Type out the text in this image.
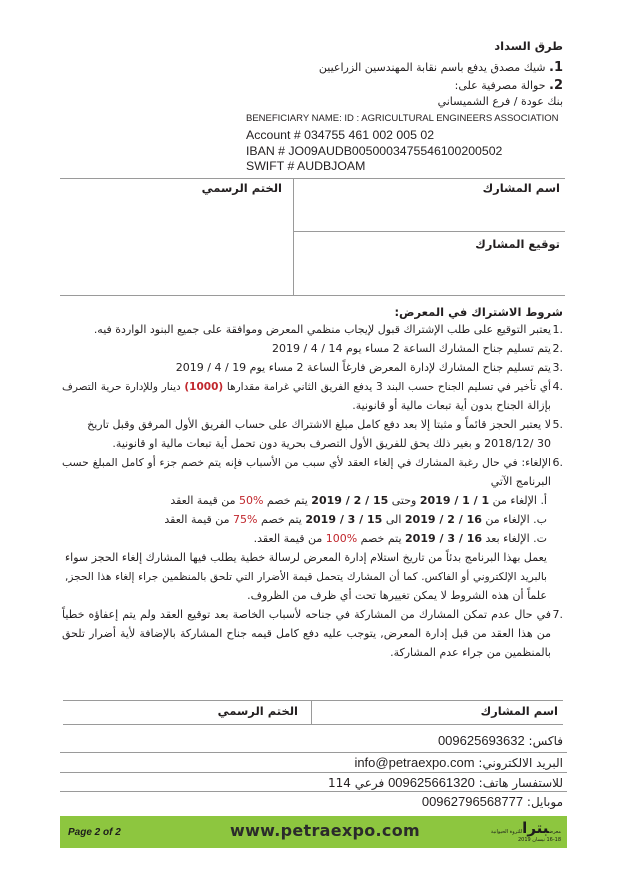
طرق السداد
1. شيك مصدق يدفع باسم نقابة المهندسين الزراعيين
2. حوالة مصرفية على:
بنك عودة / فرع الشميساني
BENEFICIARY NAME: ID : AGRICULTURAL ENGINEERS ASSOCIATION
Account # 034755 461 002 005 02
IBAN # JO09AUDB0050003475546100200502
SWIFT # AUDBJOAM
اسم المشارك
الختم الرسمي
توقيع المشارك
شروط الاشتراك في المعرض:
1.
يعتبر التوقيع على طلب الإشتراك قبول لإيجاب منظمي المعرض وموافقة على جميع البنود الواردة فيه.
2.
يتم تسليم جناح المشارك الساعة 2 مساء يوم 14 / 4 / 2019
3.
يتم تسليم جناح المشارك لإدارة المعرض فارغاً الساعة 2 مساء يوم 19 / 4 / 2019
4.
أي تأخير في تسليم الجناح حسب البند 3 يدفع الفريق الثاني غرامة مقدارها (1000) دينار وللإدارة حرية التصرف
بإزالة الجناح بدون أية تبعات مالية أو قانونية.
5.
لا يعتبر الحجز قائماً و مثبتا إلا بعد دفع كامل مبلغ الاشتراك على حساب الفريق الأول المرفق وقبل تاريخ
30 /2018/12 و بغير ذلك يحق للفريق الأول التصرف بحرية دون تحمل أية تبعات مالية او قانونية.
6.
الإلغاء: في حال رغبة المشارك في إلغاء العقد لأي سبب من الأسباب فإنه يتم خصم جزء أو كامل المبلغ حسب
البرنامج الآتي
أ. الإلغاء من 1 / 1 / 2019 وحتى 15 / 2 / 2019 يتم خصم %50 من قيمة العقد
ب. الإلغاء من 16 / 2 / 2019 الى 15 / 3 / 2019 يتم خصم %75 من قيمة العقد
ت. الإلغاء بعد 16 / 3 / 2019 يتم خصم %100 من قيمة العقد.
يعمل بهذا البرنامج بدئاً من تاريخ استلام إدارة المعرض لرسالة خطية يطلب فيها المشارك إلغاء الحجز سواء
بالبريد الإلكتروني أو الفاكس. كما أن المشارك يتحمل قيمة الأضرار التي تلحق بالمنظمين جراء إلغاء هذا الحجز,
علماً أن هذه الشروط لا يمكن تغييرها تحت أي ظرف من الظروف.
7.
في حال عدم تمكن المشارك من المشاركة في جناحه لأسباب الخاصة بعد توقيع العقد ولم يتم إعفاؤه خطياً
من هذا العقد من قبل إدارة المعرض, يتوجب عليه دفع كامل قيمه جناح المشاركة بالإضافة لأية أضرار تلحق
بالمنظمين من جراء عدم المشاركة.
اسم المشارك
الختم الرسمي
فاكس: 009625693632
البريد الالكتروني: info@petraexpo.com
للاستفسار هاتف: 009625661320 فرعي 114
موبايل: 00962796568777
Page 2 of 2	www.petraexpo.com	معرضبتراللثروة الحيوانية
16-18 نيسان 2019
